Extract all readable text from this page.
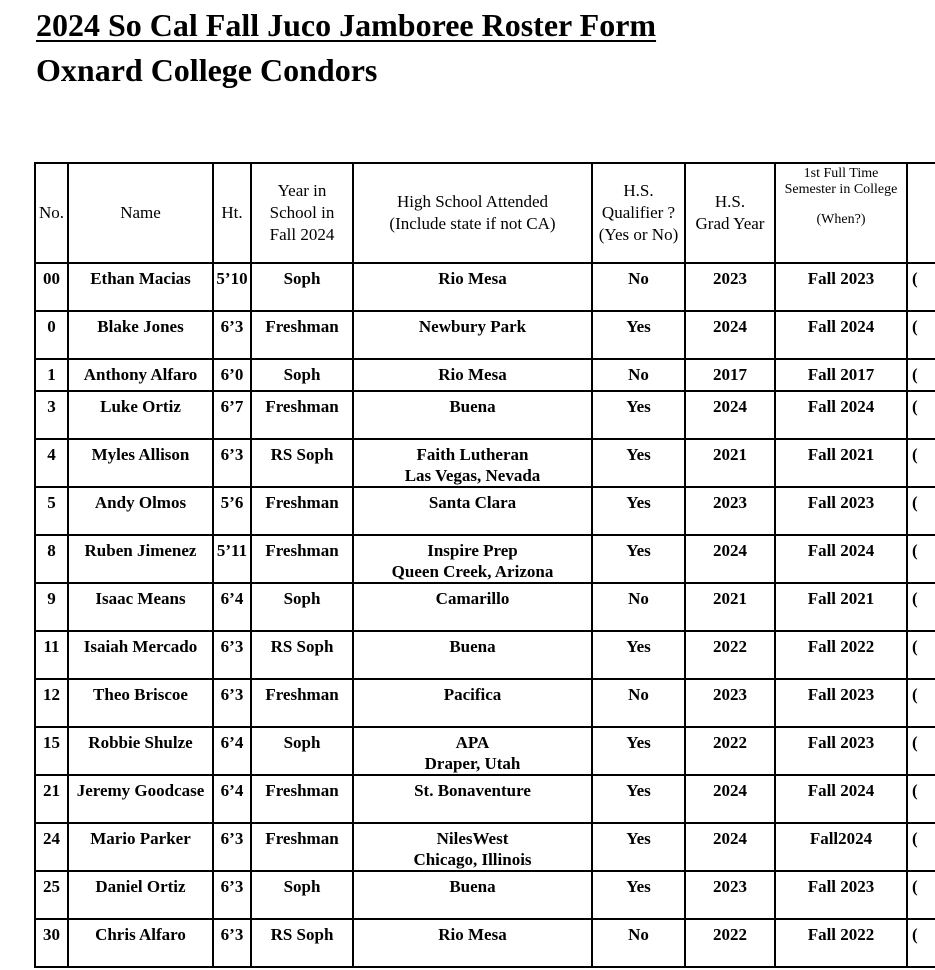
2024 So Cal Fall Juco Jamboree Roster Form
Oxnard College Condors
No.	Name	Ht.	Year in
School in
Fall 2024	High School Attended
(Include state if not CA)	H.S.
Qualifier ?
(Yes or No)	H.S.
Grad Year	1st Full Time
Semester in College
(When?)	
00	Ethan Macias	5’10	Soph	Rio Mesa	No	2023	Fall 2023	(
0	Blake Jones	6’3	Freshman	Newbury Park	Yes	2024	Fall 2024	(
1	Anthony Alfaro	6’0	Soph	Rio Mesa	No	2017	Fall 2017	(
3	Luke Ortiz	6’7	Freshman	Buena	Yes	2024	Fall 2024	(
4	Myles Allison	6’3	RS Soph	Faith Lutheran
Las Vegas, Nevada	Yes	2021	Fall 2021	(
5	Andy Olmos	5’6	Freshman	Santa Clara	Yes	2023	Fall 2023	(
8	Ruben Jimenez	5’11	Freshman	Inspire Prep
Queen Creek, Arizona	Yes	2024	Fall 2024	(
9	Isaac Means	6’4	Soph	Camarillo	No	2021	Fall 2021	(
11	Isaiah Mercado	6’3	RS Soph	Buena	Yes	2022	Fall 2022	(
12	Theo Briscoe	6’3	Freshman	Pacifica	No	2023	Fall 2023	(
15	Robbie Shulze	6’4	Soph	APA
Draper, Utah	Yes	2022	Fall 2023	(
21	Jeremy Goodcase	6’4	Freshman	St. Bonaventure	Yes	2024	Fall 2024	(
24	Mario Parker	6’3	Freshman	NilesWest
Chicago, Illinois	Yes	2024	Fall2024	(
25	Daniel Ortiz	6’3	Soph	Buena	Yes	2023	Fall 2023	(
30	Chris Alfaro	6’3	RS Soph	Rio Mesa	No	2022	Fall 2022	(
